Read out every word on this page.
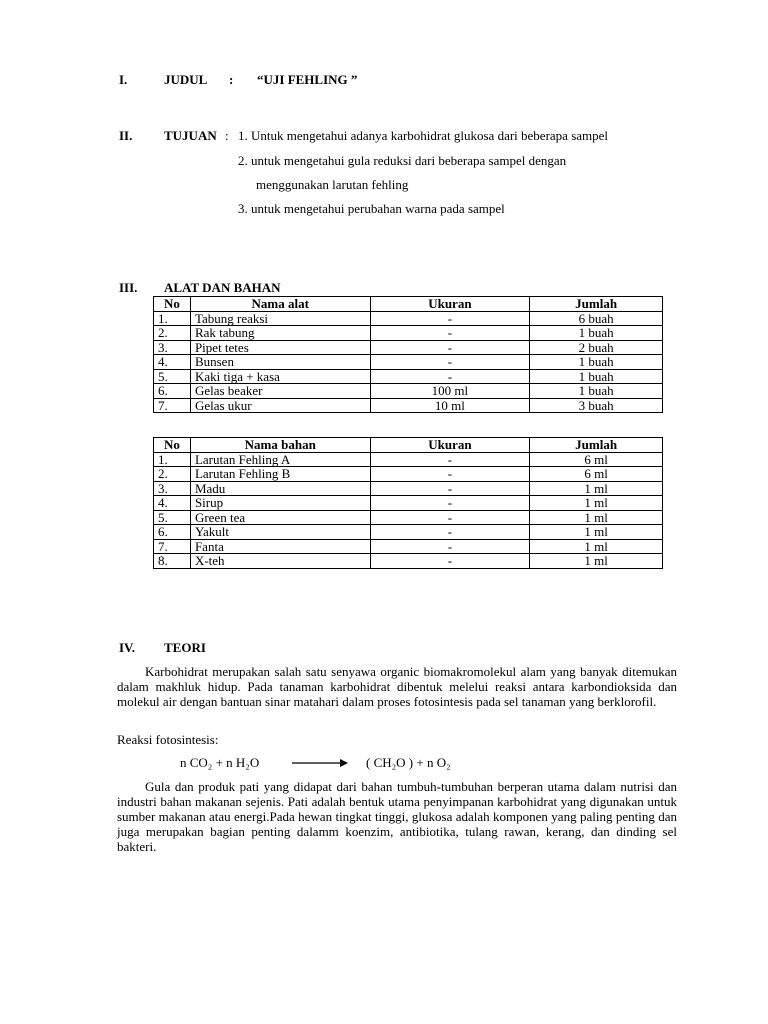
I.	JUDUL : “UJI FEHLING ”
II. TUJUAN : 1. Untuk mengetahui adanya karbohidrat glukosa dari beberapa sampel
2. untuk mengetahui gula reduksi dari beberapa sampel dengan
menggunakan larutan fehling
3. untuk mengetahui perubahan warna pada sampel
III. ALAT DAN BAHAN
No	Nama alat	Ukuran	Jumlah
1.	Tabung reaksi	-	6 buah
2.	Rak tabung	-	1 buah
3.	Pipet tetes	-	2 buah
4.	Bunsen	-	1 buah
5.	Kaki tiga + kasa	-	1 buah
6.	Gelas beaker	100 ml	1 buah
7.	Gelas ukur	10 ml	3 buah
No	Nama bahan	Ukuran	Jumlah
1.	Larutan Fehling A	-	6 ml
2.	Larutan Fehling B	-	6 ml
3.	Madu	-	1 ml
4.	Sirup	-	1 ml
5.	Green tea	-	1 ml
6.	Yakult	-	1 ml
7.	Fanta	-	1 ml
8.	X-teh	-	1 ml
IV. TEORI
Karbohidrat merupakan salah satu senyawa organic biomakromolekul alam yang banyak ditemukan dalam makhluk hidup. Pada tanaman karbohidrat dibentuk melelui reaksi antara karbondioksida dan molekul air dengan bantuan sinar matahari dalam proses fotosintesis pada sel tanaman yang berklorofil.
Reaksi fotosintesis:
n CO₂ + n H₂O	( CH₂O ) + n O₂
Gula dan produk pati yang didapat dari bahan tumbuh-tumbuhan berperan utama dalam nutrisi dan industri bahan makanan sejenis. Pati adalah bentuk utama penyimpanan karbohidrat yang digunakan untuk sumber makanan atau energi.Pada hewan tingkat tinggi, glukosa adalah komponen yang paling penting dan juga merupakan bagian penting dalamm koenzim, antibiotika, tulang rawan, kerang, dan dinding sel bakteri.
